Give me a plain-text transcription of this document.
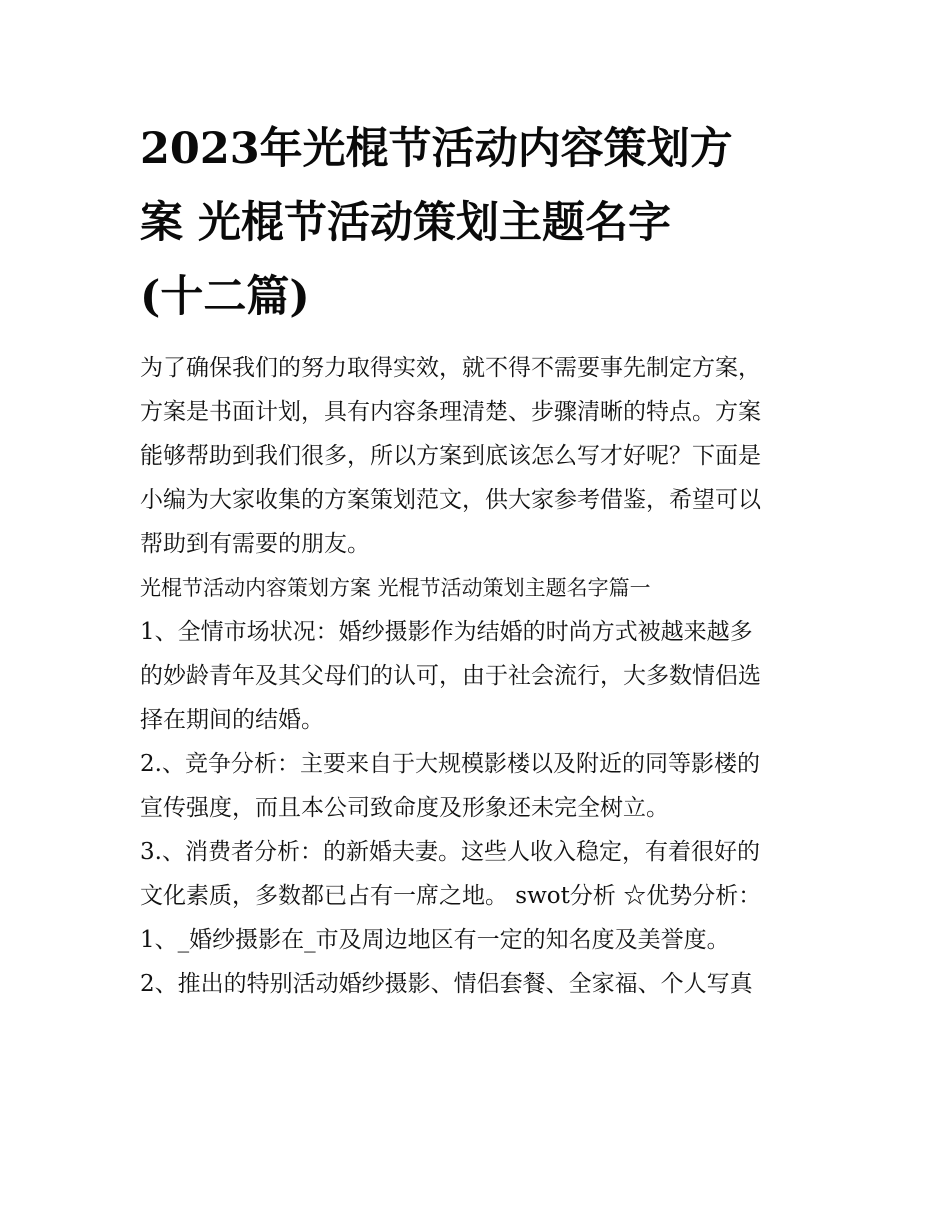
2023年光棍节活动内容策划方
案 光棍节活动策划主题名字
(十二篇)

为了确保我们的努力取得实效，就不得不需要事先制定方案，
方案是书面计划，具有内容条理清楚、步骤清晰的特点。方案
能够帮助到我们很多，所以方案到底该怎么写才好呢？下面是
小编为大家收集的方案策划范文，供大家参考借鉴，希望可以
帮助到有需要的朋友。

光棍节活动内容策划方案 光棍节活动策划主题名字篇一

1、全情市场状况：婚纱摄影作为结婚的时尚方式被越来越多
的妙龄青年及其父母们的认可，由于社会流行，大多数情侣选
择在期间的结婚。

2.、竞争分析：主要来自于大规模影楼以及附近的同等影楼的
宣传强度，而且本公司致命度及形象还未完全树立。

3.、消费者分析：的新婚夫妻。这些人收入稳定，有着很好的
文化素质，多数都已占有一席之地。 swot分析 ☆优势分析：

1、_婚纱摄影在_市及周边地区有一定的知名度及美誉度。

2、推出的特别活动婚纱摄影、情侣套餐、全家福、个人写真
